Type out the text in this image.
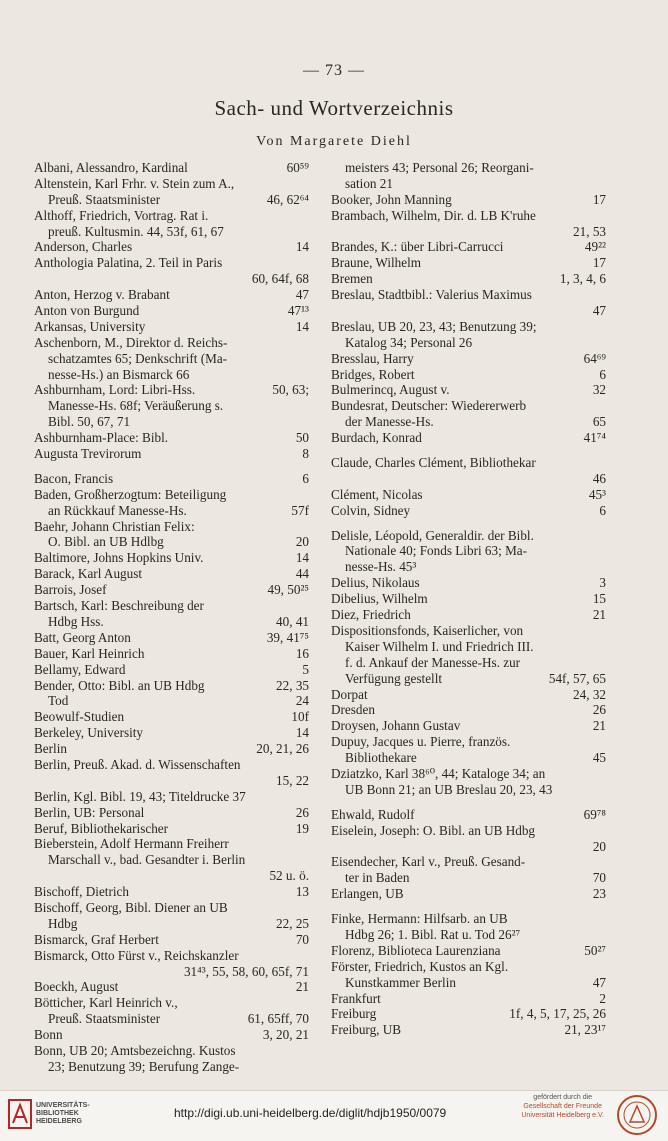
— 73 —
Sach- und Wortverzeichnis
Von Margarete Diehl
Albani, Alessandro, Kardinal	60⁵⁹
Altenstein, Karl Frhr. v. Stein zum A.,
Preuß. Staatsminister	46, 62⁶⁴
Althoff, Friedrich, Vortrag. Rat i.
preuß. Kultusmin. 44, 53f, 61, 67
Anderson, Charles	14
Anthologia Palatina, 2. Teil in Paris
60, 64f, 68
Anton, Herzog v. Brabant	47
Anton von Burgund	47¹³
Arkansas, University	14
Aschenborn, M., Direktor d. Reichs-
schatzamtes 65; Denkschrift (Ma-
nesse-Hs.) an Bismarck 66
Ashburnham, Lord: Libri-Hss.	50, 63;
Manesse-Hs. 68f; Veräußerung s.
Bibl. 50, 67, 71
Ashburnham-Place: Bibl.	50
Augusta Trevirorum	8
Bacon, Francis	6
Baden, Großherzogtum: Beteiligung
an Rückkauf Manesse-Hs.	57f
Baehr, Johann Christian Felix:
O. Bibl. an UB Hdlbg	20
Baltimore, Johns Hopkins Univ.	14
Barack, Karl August	44
Barrois, Josef	49, 50²⁵
Bartsch, Karl: Beschreibung der
Hdbg Hss.	40, 41
Batt, Georg Anton	39, 41⁷⁵
Bauer, Karl Heinrich	16
Bellamy, Edward	5
Bender, Otto: Bibl. an UB Hdbg	22, 35
Tod	24
Beowulf-Studien	10f
Berkeley, University	14
Berlin	20, 21, 26
Berlin, Preuß. Akad. d. Wissenschaften
15, 22
Berlin, Kgl. Bibl. 19, 43; Titeldrucke 37
Berlin, UB: Personal	26
Beruf, Bibliothekarischer	19
Bieberstein, Adolf Hermann Freiherr
Marschall v., bad. Gesandter i. Berlin
52 u. ö.
Bischoff, Dietrich	13
Bischoff, Georg, Bibl. Diener an UB
Hdbg	22, 25
Bismarck, Graf Herbert	70
Bismarck, Otto Fürst v., Reichskanzler
31⁴³, 55, 58, 60, 65f, 71
Boeckh, August	21
Bötticher, Karl Heinrich v.,
Preuß. Staatsminister	61, 65ff, 70
Bonn	3, 20, 21
Bonn, UB 20; Amtsbezeichng. Kustos
23; Benutzung 39; Berufung Zange-
meisters 43; Personal 26; Reorgani-
sation 21
Booker, John Manning	17
Brambach, Wilhelm, Dir. d. LB K'ruhe
21, 53
Brandes, K.: über Libri-Carrucci	49²²
Braune, Wilhelm	17
Bremen	1, 3, 4, 6
Breslau, Stadtbibl.: Valerius Maximus
47
Breslau, UB 20, 23, 43; Benutzung 39;
Katalog 34; Personal 26
Bresslau, Harry	64⁶⁹
Bridges, Robert	6
Bulmerincq, August v.	32
Bundesrat, Deutscher: Wiedererwerb
der Manesse-Hs.	65
Burdach, Konrad	41⁷⁴
Claude, Charles Clément, Bibliothekar
46
Clément, Nicolas	45³
Colvin, Sidney	6
Delisle, Léopold, Generaldir. der Bibl.
Nationale 40; Fonds Libri 63; Ma-
nesse-Hs. 45³
Delius, Nikolaus	3
Dibelius, Wilhelm	15
Diez, Friedrich	21
Dispositionsfonds, Kaiserlicher, von
Kaiser Wilhelm I. und Friedrich III.
f. d. Ankauf der Manesse-Hs. zur
Verfügung gestellt	54f, 57, 65
Dorpat	24, 32
Dresden	26
Droysen, Johann Gustav	21
Dupuy, Jacques u. Pierre, französ.
Bibliothekare	45
Dziatzko, Karl 38⁶⁰, 44; Kataloge 34; an
UB Bonn 21; an UB Breslau 20, 23, 43
Ehwald, Rudolf	69⁷⁸
Eiselein, Joseph: O. Bibl. an UB Hdbg
20
Eisendecher, Karl v., Preuß. Gesand-
ter in Baden	70
Erlangen, UB	23
Finke, Hermann: Hilfsarb. an UB
Hdbg 26; 1. Bibl. Rat u. Tod 26²⁷
Florenz, Biblioteca Laurenziana	50²⁷
Förster, Friedrich, Kustos an Kgl.
Kunstkammer Berlin	47
Frankfurt	2
Freiburg	1f, 4, 5, 17, 25, 26
Freiburg, UB	21, 23¹⁷
UNIVERSITÄTS-
BIBLIOTHEK
HEIDELBERG
http://digi.ub.uni-heidelberg.de/diglit/hdjb1950/0079
gefördert durch die
Gesellschaft der Freunde
Universität Heidelberg e.V.
